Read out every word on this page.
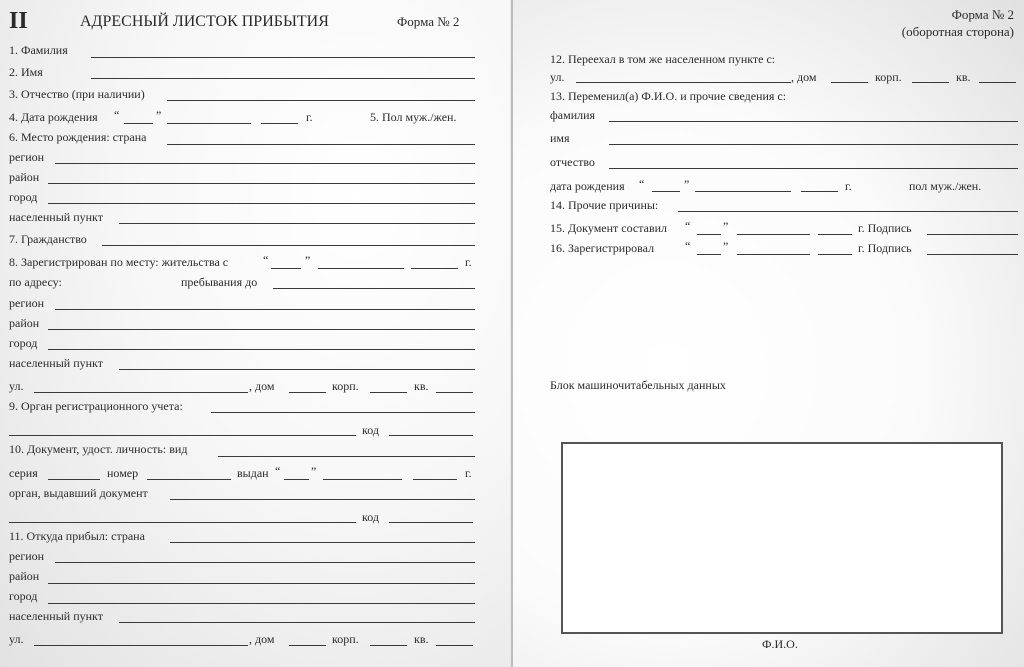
II	АДРЕСНЫЙ ЛИСТОК ПРИБЫТИЯ	Форма № 2
1. Фамилия
2. Имя
3. Отчество (при наличии)
4. Дата рождения “	”	г.	5. Пол муж./жен.
6. Место рождения: страна
регион
район
город
населенный пункт
7. Гражданство
8. Зарегистрирован по месту: жительства с	“	”	г.
по адресу:	пребывания до
регион
район
город
населенный пункт
ул.	, дом	корп.	кв.
9. Орган регистрационного учета:
код
10. Документ, удост. личность: вид
серия	номер	выдан “	”	г.
орган, выдавший документ
код
11. Откуда прибыл: страна
регион
район
город
населенный пункт
ул.	, дом	корп.	кв.
Форма № 2
(оборотная сторона)
12. Переехал в том же населенном пункте с:
ул.	, дом	корп.	кв.
13. Переменил(а) Ф.И.О. и прочие сведения с:
фамилия
имя
отчество
дата рождения “	”	г.	пол муж./жен.
14. Прочие причины:
15. Документ составил “	”	г. Подпись
16. Зарегистрировал	“	”	г. Подпись
Блок машиночитабельных данных
Ф.И.О.
